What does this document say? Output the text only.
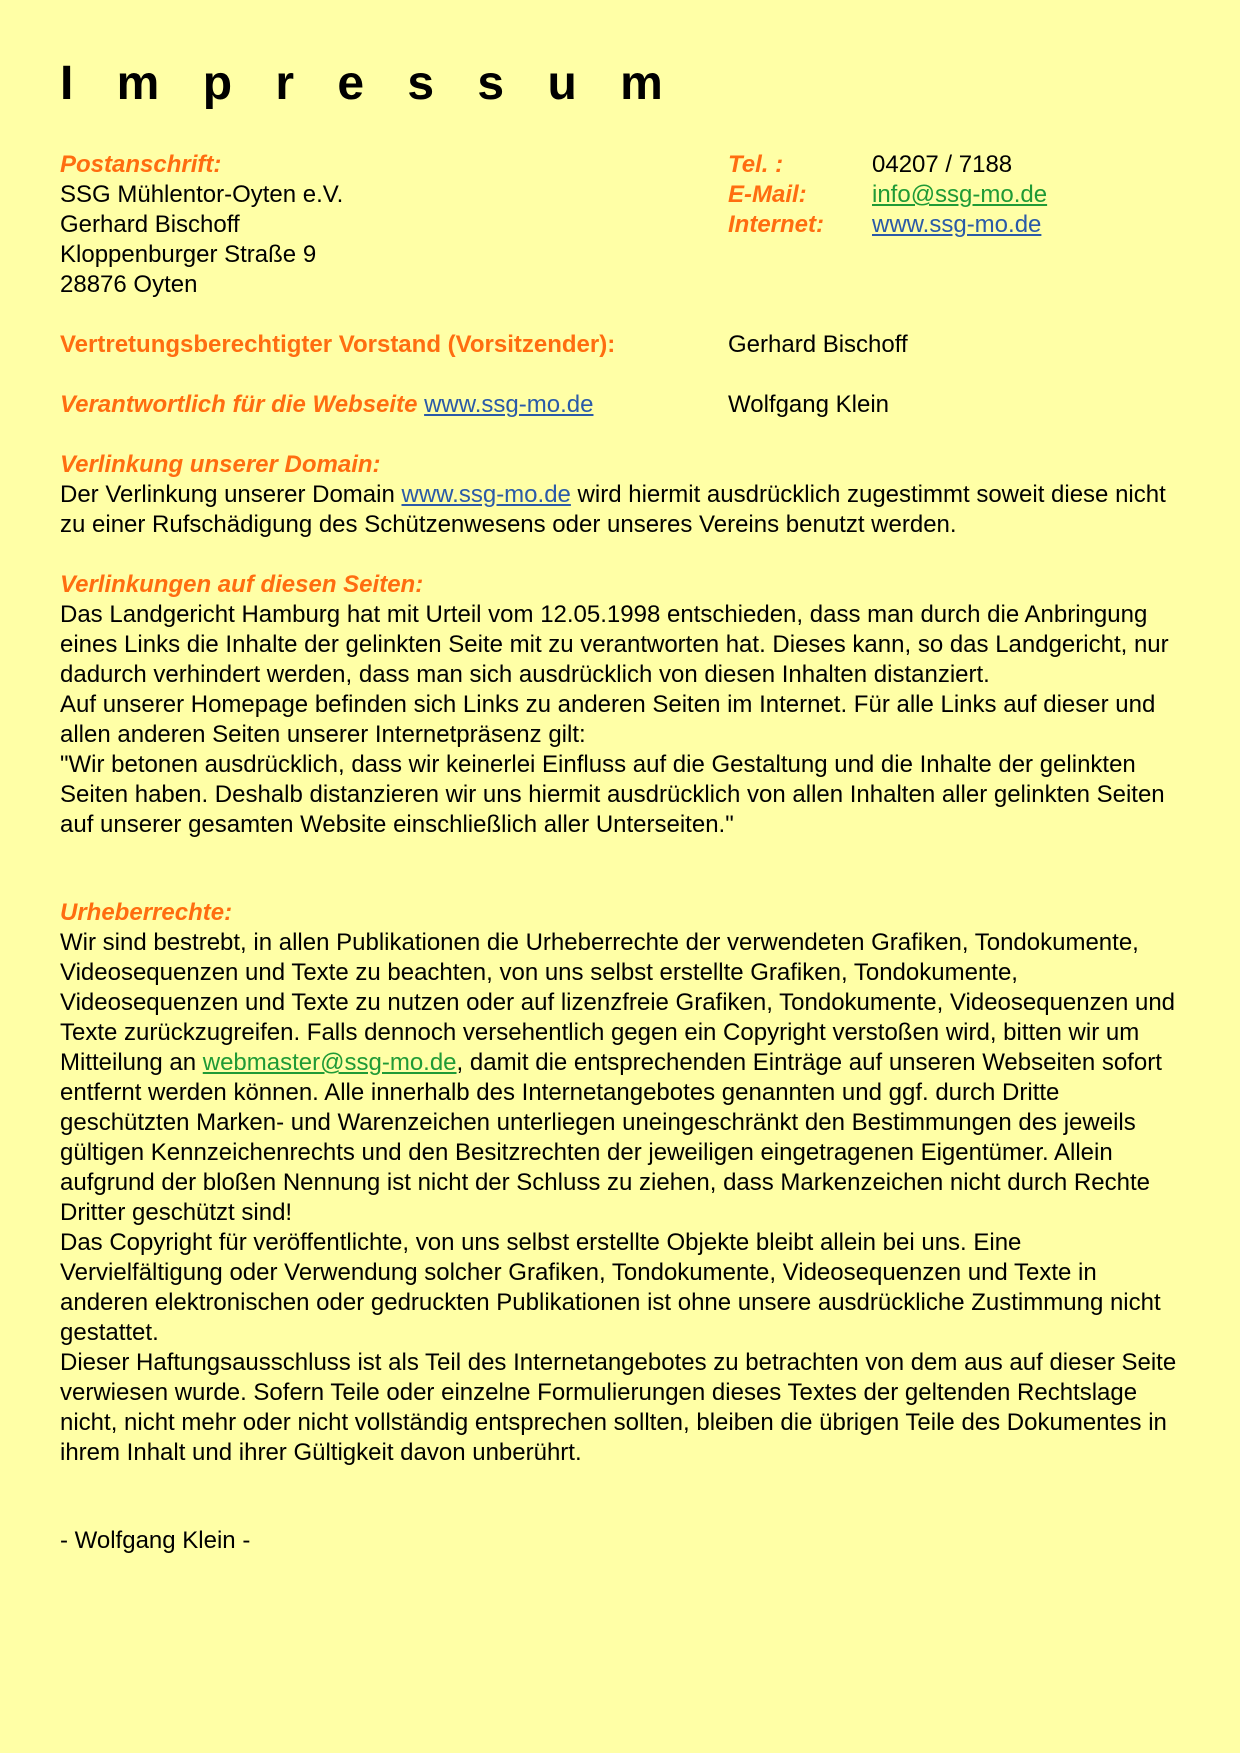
I m p r e s s u m
Postanschrift:
SSG Mühlentor-Oyten e.V.
Gerhard Bischoff
Kloppenburger Straße 9
28876 Oyten
Tel. :	04207 / 7188
E-Mail:	info@ssg-mo.de
Internet:	www.ssg-mo.de
Vertretungsberechtigter Vorstand (Vorsitzender):	Gerhard Bischoff
Verantwortlich für die Webseite www.ssg-mo.de	Wolfgang Klein
Verlinkung unserer Domain:

Der Verlinkung unserer Domain www.ssg-mo.de wird hiermit ausdrücklich zugestimmt soweit diese nicht zu einer Rufschädigung des Schützenwesens oder unseres Vereins benutzt werden.

Verlinkungen auf diesen Seiten:

Das Landgericht Hamburg hat mit Urteil vom 12.05.1998 entschieden, dass man durch die Anbringung eines Links die Inhalte der gelinkten Seite mit zu verantworten hat. Dieses kann, so das Landgericht, nur dadurch verhindert werden, dass man sich ausdrücklich von diesen Inhalten distanziert.

Auf unserer Homepage befinden sich Links zu anderen Seiten im Internet. Für alle Links auf dieser und allen anderen Seiten unserer Internetpräsenz gilt:

"Wir betonen ausdrücklich, dass wir keinerlei Einfluss auf die Gestaltung und die Inhalte der gelinkten Seiten haben. Deshalb distanzieren wir uns hiermit ausdrücklich von allen Inhalten aller gelinkten Seiten auf unserer gesamten Website einschließlich aller Unterseiten."

Urheberrechte:

Wir sind bestrebt, in allen Publikationen die Urheberrechte der verwendeten Grafiken, Tondokumente, Videosequenzen und Texte zu beachten, von uns selbst erstellte Grafiken, Tondokumente, Videosequenzen und Texte zu nutzen oder auf lizenzfreie Grafiken, Tondokumente, Videosequenzen und Texte zurückzugreifen. Falls dennoch versehentlich gegen ein Copyright verstoßen wird, bitten wir um Mitteilung an webmaster@ssg-mo.de, damit die entsprechenden Einträge auf unseren Webseiten sofort entfernt werden können. Alle innerhalb des Internetangebotes genannten und ggf. durch Dritte geschützten Marken- und Warenzeichen unterliegen uneingeschränkt den Bestimmungen des jeweils gültigen Kennzeichenrechts und den Besitzrechten der jeweiligen eingetragenen Eigentümer. Allein aufgrund der bloßen Nennung ist nicht der Schluss zu ziehen, dass Markenzeichen nicht durch Rechte Dritter geschützt sind!

Das Copyright für veröffentlichte, von uns selbst erstellte Objekte bleibt allein bei uns. Eine Vervielfältigung oder Verwendung solcher Grafiken, Tondokumente, Videosequenzen und Texte in anderen elektronischen oder gedruckten Publikationen ist ohne unsere ausdrückliche Zustimmung nicht gestattet.

Dieser Haftungsausschluss ist als Teil des Internetangebotes zu betrachten von dem aus auf dieser Seite verwiesen wurde. Sofern Teile oder einzelne Formulierungen dieses Textes der geltenden Rechtslage nicht, nicht mehr oder nicht vollständig entsprechen sollten, bleiben die übrigen Teile des Dokumentes in ihrem Inhalt und ihrer Gültigkeit davon unberührt.

- Wolfgang Klein -
